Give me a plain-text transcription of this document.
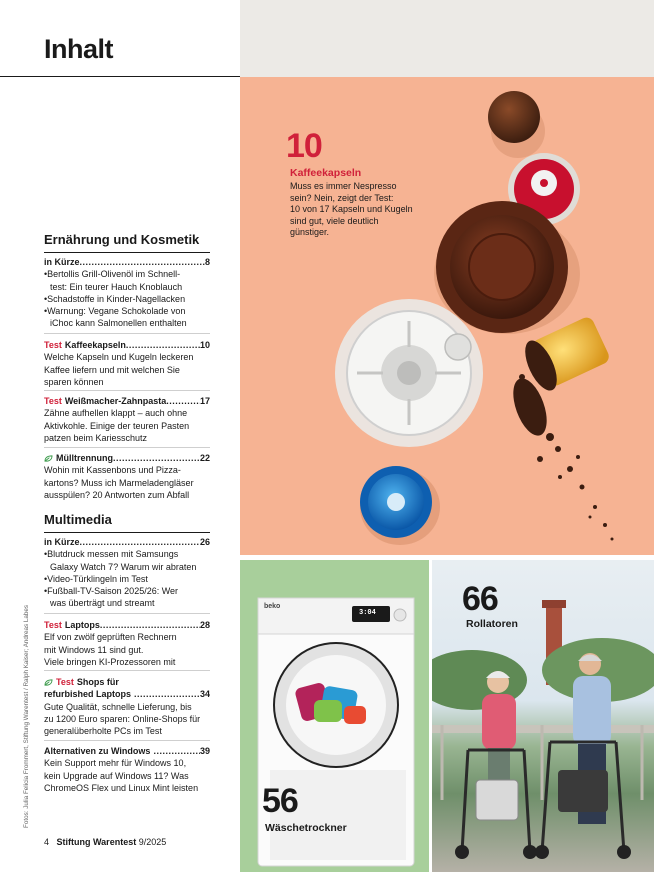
Inhalt
Ernährung und Kosmetik
in Kürze .....	8
•Bertollis Grill-Olivenöl im Schnell-
test: Ein teurer Hauch Knoblauch
•Schadstoffe in Kinder-Nagellacken
•Warnung: Vegane Schokolade von
iChoc kann Salmonellen enthalten
Test Kaffeekapseln .....	10
Welche Kapseln und Kugeln leckeren
Kaffee liefern und mit welchen Sie
sparen können
Test Weißmacher-Zahnpasta .....	17
Zähne aufhellen klappt – auch ohne
Aktivkohle. Einige der teuren Pasten
patzen beim Kariesschutz
Mülltrennung .....	22
Wohin mit Kassenbons und Pizza-
kartons? Muss ich Marmeladengläser
ausspülen? 20 Antworten zum Abfall
Multimedia
in Kürze .....	26
•Blutdruck messen mit Samsungs
Galaxy Watch 7? Warum wir abraten
•Video-Türklingeln im Test
•Fußball-TV-Saison 2025/26: Wer
was überträgt und streamt
Test Laptops .....	28
Elf von zwölf geprüften Rechnern
mit Windows 11 sind gut.
Viele bringen KI-Prozessoren mit
Test Shops für
refurbished Laptops .....	34
Gute Qualität, schnelle Lieferung, bis
zu 1200 Euro sparen: Online-Shops für
generalüberholte PCs im Test
Alternativen zu Windows .....	39
Kein Support mehr für Windows 10,
kein Upgrade auf Windows 11? Was
ChromeOS Flex und Linux Mint leisten
Fotos: Julia Felicia Frommert, Stiftung Warentest / Ralph Kaiser; Andreas Labes
4 Stiftung Warentest 9/2025
10
Kaffeekapseln
Muss es immer Nespresso
sein? Nein, zeigt der Test:
10 von 17 Kapseln und Kugeln
sind gut, viele deutlich
günstiger.
beko
3:04
56
Wäschetrockner
66
Rollatoren
